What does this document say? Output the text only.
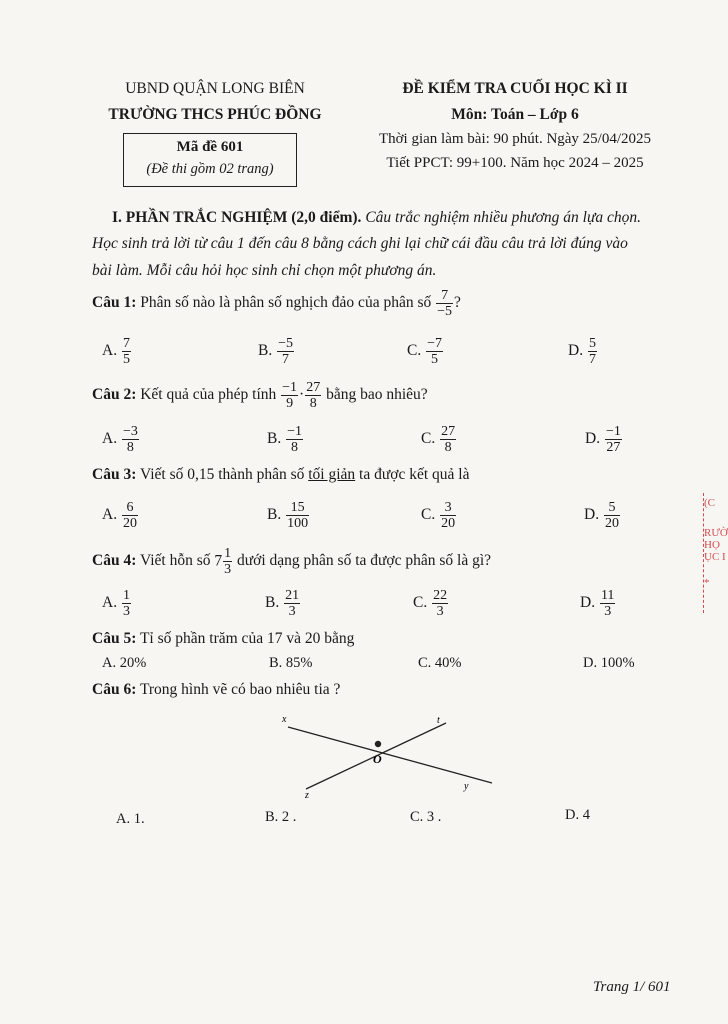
UBND QUẬN LONG BIÊN
TRƯỜNG THCS PHÚC ĐỒNG
Mã đề 601
(Đề thi gồm 02 trang)
ĐỀ KIỂM TRA CUỐI HỌC KÌ II
Môn: Toán – Lớp 6
Thời gian làm bài: 90 phút. Ngày 25/04/2025
Tiết PPCT: 99+100. Năm học 2024 – 2025
I. PHẦN TRẮC NGHIỆM (2,0 điểm). Câu trắc nghiệm nhiều phương án lựa chọn.
Học sinh trả lời từ câu 1 đến câu 8 bằng cách ghi lại chữ cái đầu câu trả lời đúng vào
bài làm. Mỗi câu hỏi học sinh chỉ chọn một phương án.
Câu 1: Phân số nào là phân số nghịch đảo của phân số $\frac{7}{-5}$ ?
A. $\frac{7}{5}$	B. $\frac{-5}{7}$	C. $\frac{-7}{5}$	D. $\frac{5}{7}$
Câu 2: Kết quả của phép tính $\frac{-1}{9} \cdot \frac{27}{8}$ bằng bao nhiêu?
A. $\frac{-3}{8}$	B. $\frac{-1}{8}$	C. $\frac{27}{8}$	D. $\frac{-1}{27}$
Câu 3: Viết số 0,15 thành phân số tối giản ta được kết quả là
A. $\frac{6}{20}$	B. $\frac{15}{100}$	C. $\frac{3}{20}$	D. $\frac{5}{20}$
Câu 4: Viết hỗn số $7 \frac{1}{3}$ dưới dạng phân số ta được phân số là gì?
A. $\frac{1}{3}$	B. $\frac{21}{3}$	C. $\frac{22}{3}$	D. $\frac{11}{3}$
Câu 5: Tỉ số phần trăm của 17 và 20 bằng
A. 20%	B. 85%	C. 40%	D. 100%
Câu 6: Trong hình vẽ có bao nhiêu tia ?
x	t
O
z
y
A. 1.	B. 2 .	C. 3 .	D. 4
(C
RƯỜ
HỌ
ỤC I
*
Trang 1/ 601
